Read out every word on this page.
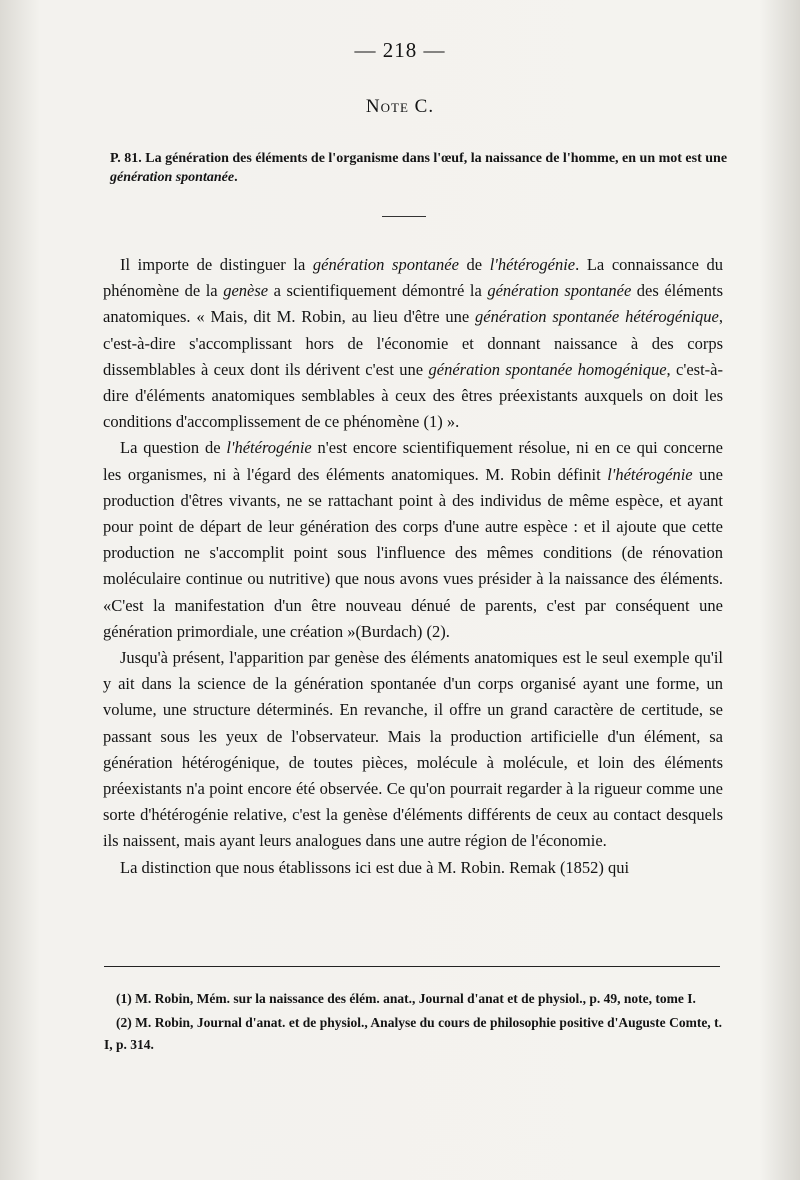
— 218 —
Note C.
P. 81. La génération des éléments de l'organisme dans l'œuf, la naissance de l'homme, en un mot est une génération spontanée.

Il importe de distinguer la génération spontanée de l'hétérogénie. La connaissance du phénomène de la genèse a scientifiquement démontré la génération spontanée des éléments anatomiques. « Mais, dit M. Robin, au lieu d'être une génération spontanée hétérogénique, c'est-à-dire s'accomplissant hors de l'économie et donnant naissance à des corps dissemblables à ceux dont ils dérivent c'est une génération spontanée homogénique, c'est-à-dire d'éléments anatomiques semblables à ceux des êtres préexistants auxquels on doit les conditions d'accomplissement de ce phénomène (1) ».

La question de l'hétérogénie n'est encore scientifiquement résolue, ni en ce qui concerne les organismes, ni à l'égard des éléments anatomiques. M. Robin définit l'hétérogénie une production d'êtres vivants, ne se rattachant point à des individus de même espèce, et ayant pour point de départ de leur génération des corps d'une autre espèce : et il ajoute que cette production ne s'accomplit point sous l'influence des mêmes conditions (de rénovation moléculaire continue ou nutritive) que nous avons vues présider à la naissance des éléments. «C'est la manifestation d'un être nouveau dénué de parents, c'est par conséquent une génération primordiale, une création »(Burdach) (2).

Jusqu'à présent, l'apparition par genèse des éléments anatomiques est le seul exemple qu'il y ait dans la science de la génération spontanée d'un corps organisé ayant une forme, un volume, une structure déterminés. En revanche, il offre un grand caractère de certitude, se passant sous les yeux de l'observateur. Mais la production artificielle d'un élément, sa génération hétérogénique, de toutes pièces, molécule à molécule, et loin des éléments préexistants n'a point encore été observée. Ce qu'on pourrait regarder à la rigueur comme une sorte d'hétérogénie relative, c'est la genèse d'éléments différents de ceux au contact desquels ils naissent, mais ayant leurs analogues dans une autre région de l'économie.

La distinction que nous établissons ici est due à M. Robin. Remak (1852) qui

(1) M. Robin, Mém. sur la naissance des élém. anat., Journal d'anat et de physiol., p. 49, note, tome I.

(2) M. Robin, Journal d'anat. et de physiol., Analyse du cours de philosophie positive d'Auguste Comte, t. I, p. 314.
